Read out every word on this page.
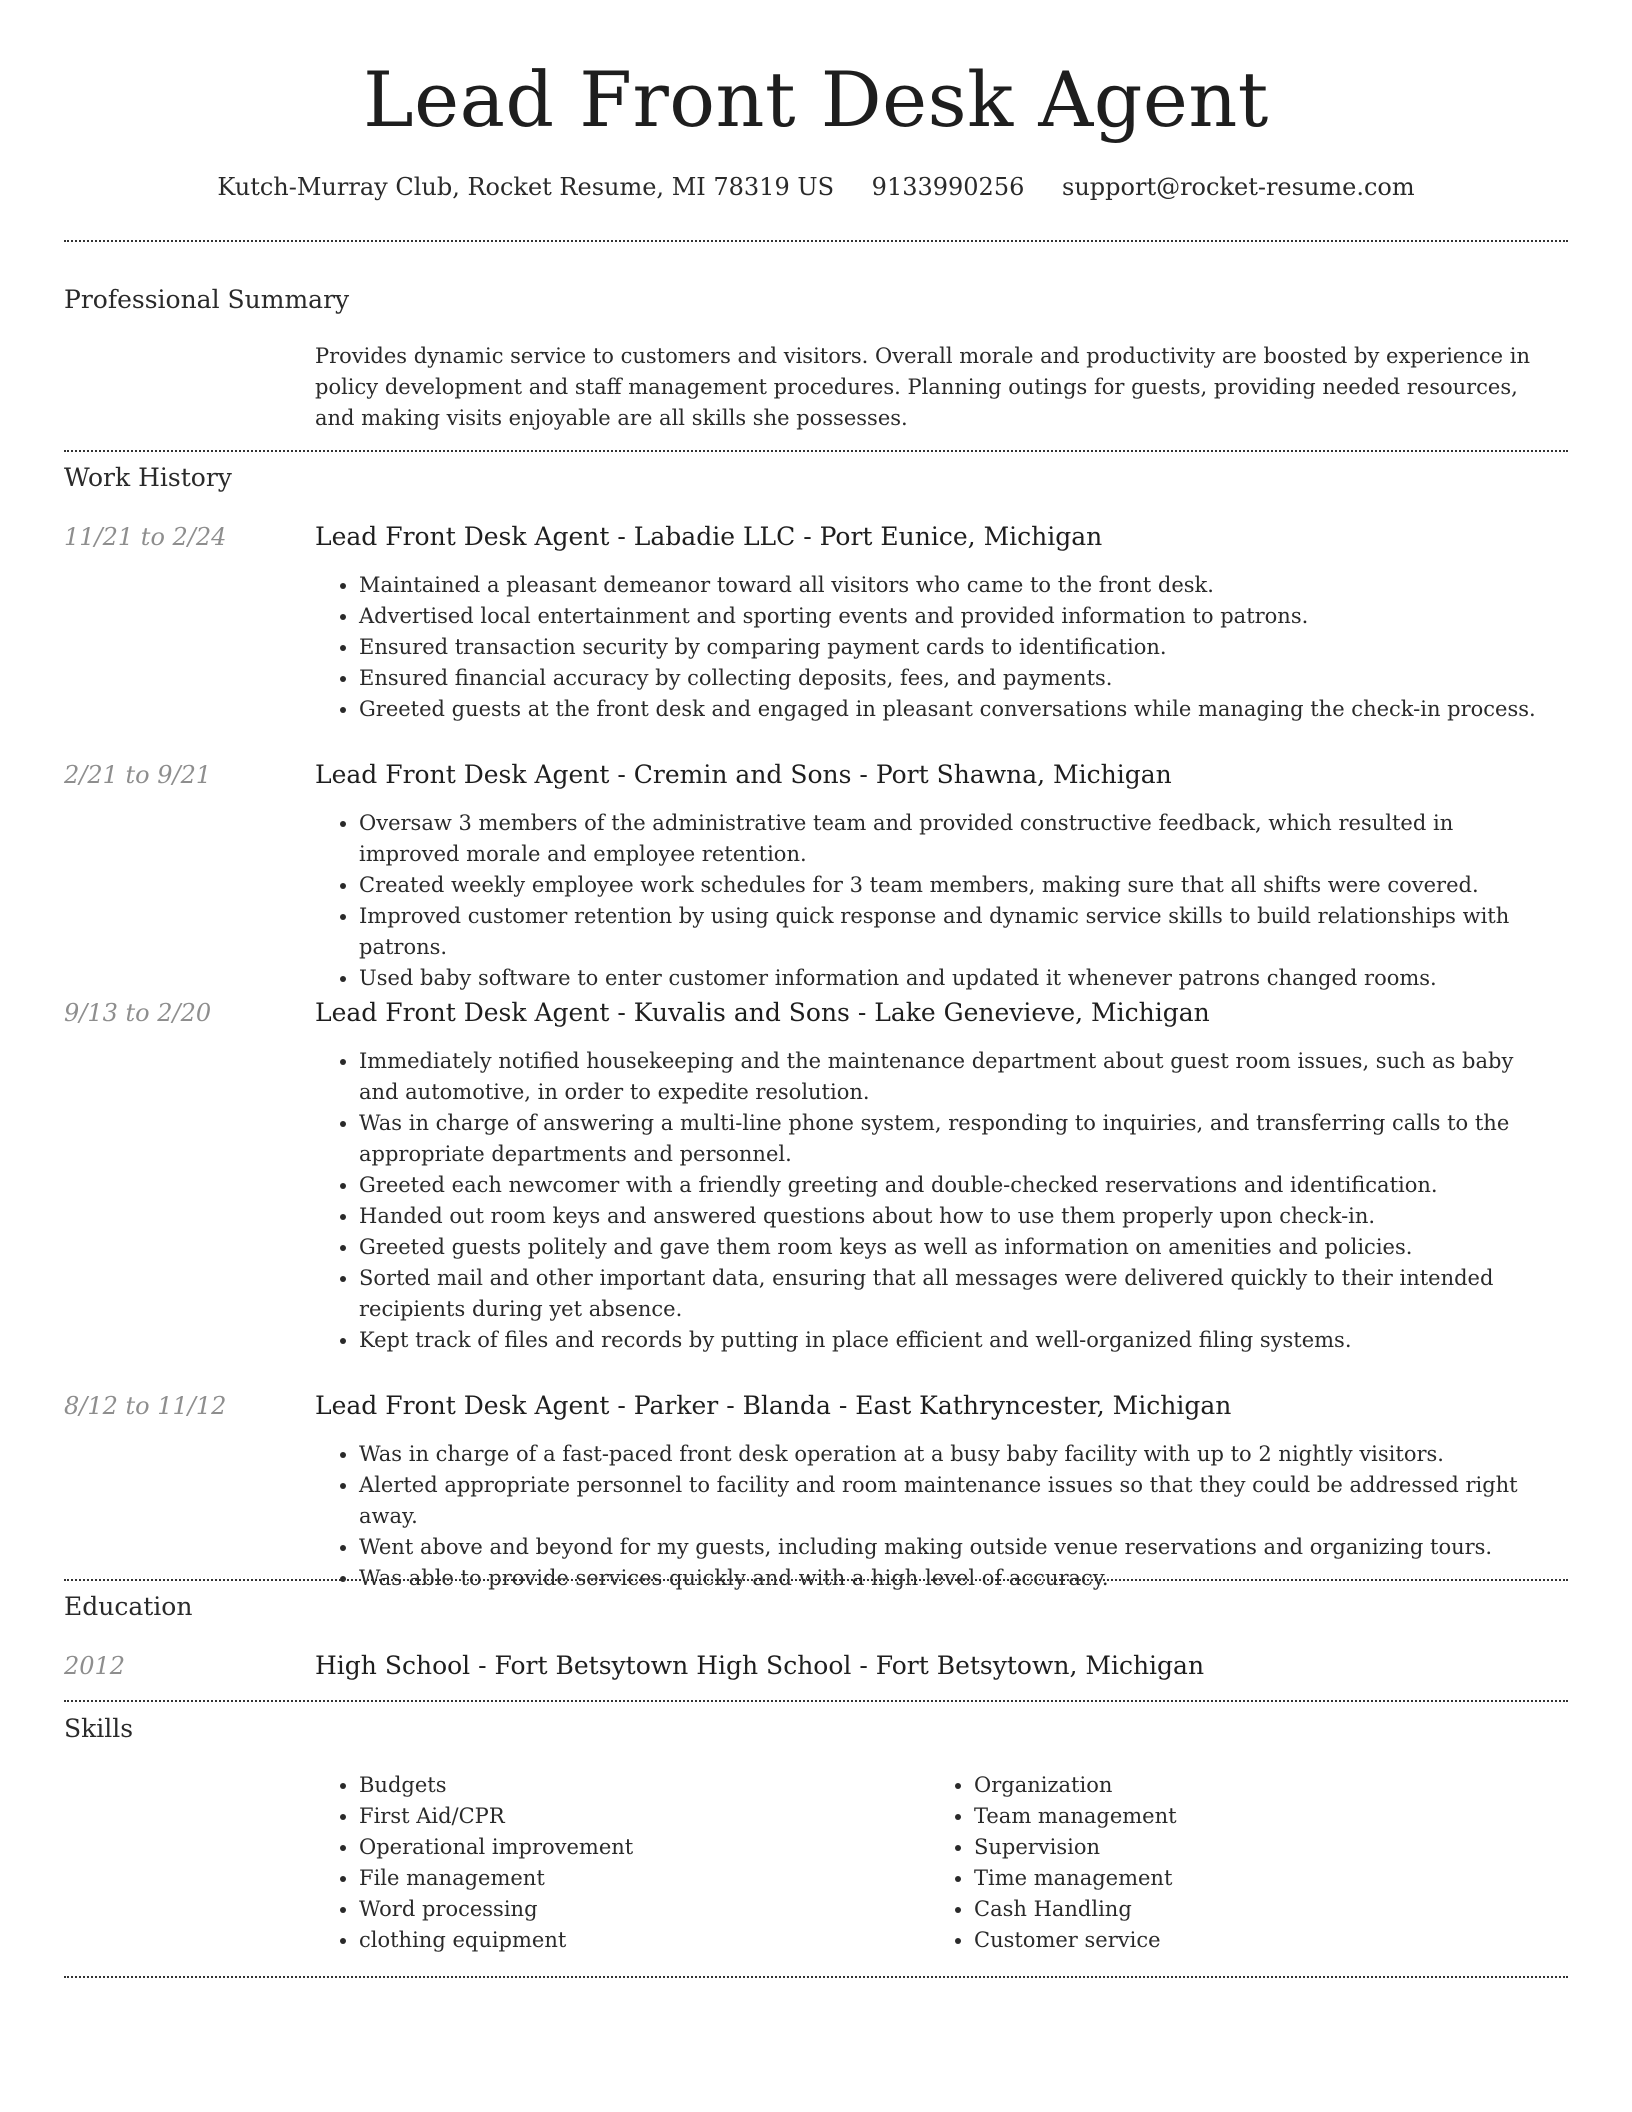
Lead Front Desk Agent
Kutch-Murray Club, Rocket Resume, MI 78319 US 9133990256 support@rocket-resume.com
Professional Summary
Provides dynamic service to customers and visitors. Overall morale and productivity are boosted by experience in policy development and staff management procedures. Planning outings for guests, providing needed resources, and making visits enjoyable are all skills she possesses.
Work History
11/21 to 2/24	Lead Front Desk Agent - Labadie LLC - Port Eunice, Michigan
• Maintained a pleasant demeanor toward all visitors who came to the front desk.
• Advertised local entertainment and sporting events and provided information to patrons.
• Ensured transaction security by comparing payment cards to identification.
• Ensured financial accuracy by collecting deposits, fees, and payments.
• Greeted guests at the front desk and engaged in pleasant conversations while managing the check-in process.
2/21 to 9/21	Lead Front Desk Agent - Cremin and Sons - Port Shawna, Michigan
• Oversaw 3 members of the administrative team and provided constructive feedback, which resulted in improved morale and employee retention.
• Created weekly employee work schedules for 3 team members, making sure that all shifts were covered.
• Improved customer retention by using quick response and dynamic service skills to build relationships with patrons.
• Used baby software to enter customer information and updated it whenever patrons changed rooms.
9/13 to 2/20	Lead Front Desk Agent - Kuvalis and Sons - Lake Genevieve, Michigan
• Immediately notified housekeeping and the maintenance department about guest room issues, such as baby and automotive, in order to expedite resolution.
• Was in charge of answering a multi-line phone system, responding to inquiries, and transferring calls to the appropriate departments and personnel.
• Greeted each newcomer with a friendly greeting and double-checked reservations and identification.
• Handed out room keys and answered questions about how to use them properly upon check-in.
• Greeted guests politely and gave them room keys as well as information on amenities and policies.
• Sorted mail and other important data, ensuring that all messages were delivered quickly to their intended recipients during yet absence.
• Kept track of files and records by putting in place efficient and well-organized filing systems.
8/12 to 11/12	Lead Front Desk Agent - Parker - Blanda - East Kathryncester, Michigan
• Was in charge of a fast-paced front desk operation at a busy baby facility with up to 2 nightly visitors.
• Alerted appropriate personnel to facility and room maintenance issues so that they could be addressed right away.
• Went above and beyond for my guests, including making outside venue reservations and organizing tours.
• Was able to provide services quickly and with a high level of accuracy.
Education
2012	High School - Fort Betsytown High School - Fort Betsytown, Michigan
Skills
• Budgets
• First Aid/CPR
• Operational improvement
• File management
• Word processing
• clothing equipment
• Organization
• Team management
• Supervision
• Time management
• Cash Handling
• Customer service
